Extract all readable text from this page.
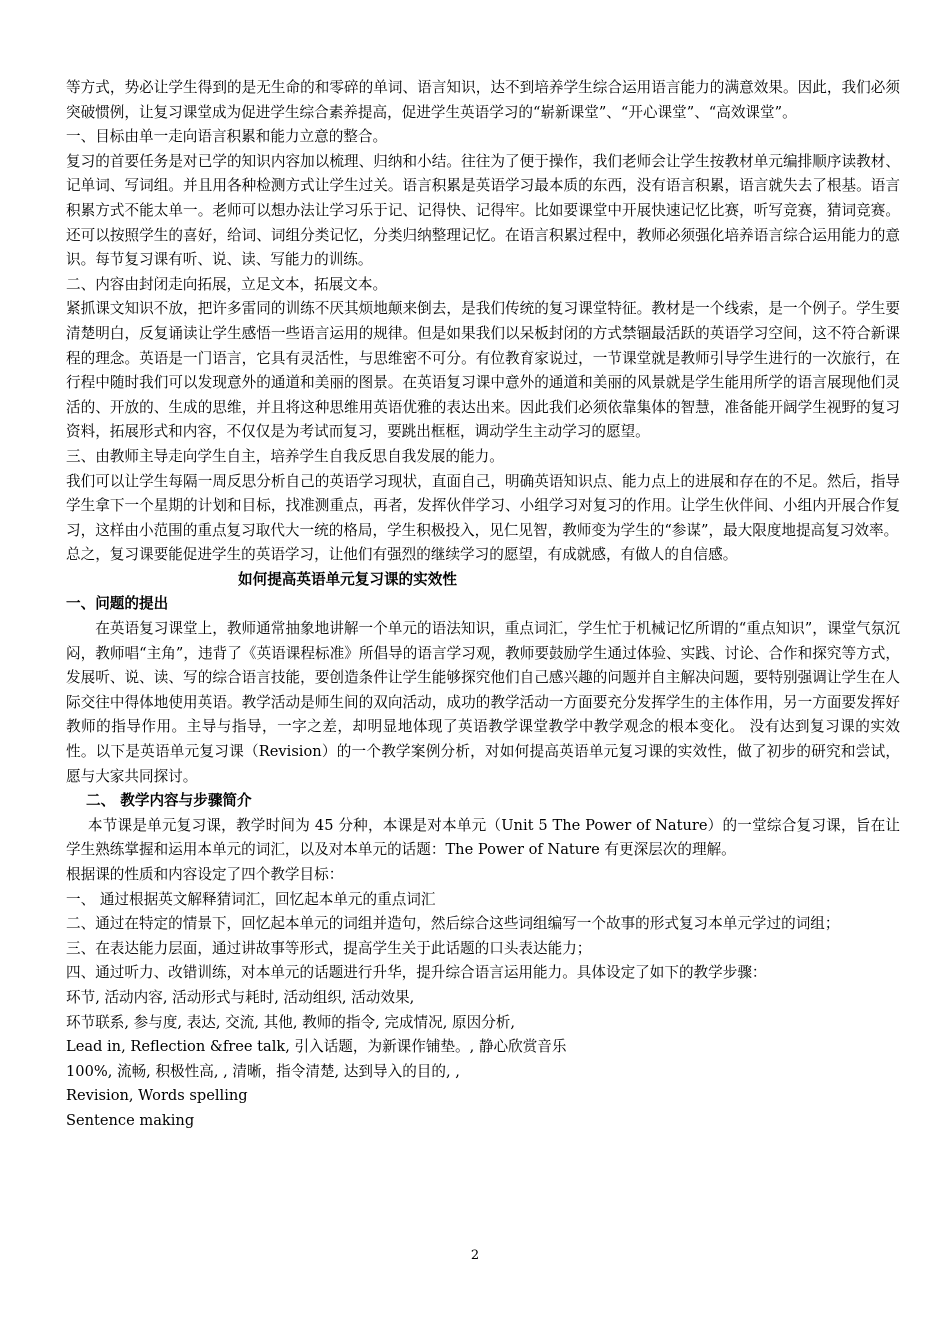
等方式，势必让学生得到的是无生命的和零碎的单词、语言知识，达不到培养学生综合运用语言能力的满意效果。因此，我们必须突破惯例，让复习课堂成为促进学生综合素养提高，促进学生英语学习的“崭新课堂”、“开心课堂”、“高效课堂”。

一、目标由单一走向语言积累和能力立意的整合。

复习的首要任务是对已学的知识内容加以梳理、归纳和小结。往往为了便于操作，我们老师会让学生按教材单元编排顺序读教材、记单词、写词组。并且用各种检测方式让学生过关。语言积累是英语学习最本质的东西，没有语言积累，语言就失去了根基。语言积累方式不能太单一。老师可以想办法让学习乐于记、记得快、记得牢。比如要课堂中开展快速记忆比赛，听写竞赛，猜词竞赛。还可以按照学生的喜好，给词、词组分类记忆，分类归纳整理记忆。在语言积累过程中，教师必须强化培养语言综合运用能力的意识。每节复习课有听、说、读、写能力的训练。

二、内容由封闭走向拓展，立足文本，拓展文本。

紧抓课文知识不放，把许多雷同的训练不厌其烦地颠来倒去，是我们传统的复习课堂特征。教材是一个线索，是一个例子。学生要清楚明白，反复诵读让学生感悟一些语言运用的规律。但是如果我们以呆板封闭的方式禁锢最活跃的英语学习空间，这不符合新课程的理念。英语是一门语言，它具有灵活性，与思维密不可分。有位教育家说过，一节课堂就是教师引导学生进行的一次旅行，在行程中随时我们可以发现意外的通道和美丽的图景。在英语复习课中意外的通道和美丽的风景就是学生能用所学的语言展现他们灵活的、开放的、生成的思维，并且将这种思维用英语优雅的表达出来。因此我们必须依靠集体的智慧，准备能开阔学生视野的复习资料，拓展形式和内容，不仅仅是为考试而复习，要跳出框框，调动学生主动学习的愿望。

三、由教师主导走向学生自主，培养学生自我反思自我发展的能力。

我们可以让学生每隔一周反思分析自己的英语学习现状，直面自己，明确英语知识点、能力点上的进展和存在的不足。然后，指导学生拿下一个星期的计划和目标，找准测重点，再者，发挥伙伴学习、小组学习对复习的作用。让学生伙伴间、小组内开展合作复习，这样由小范围的重点复习取代大一统的格局，学生积极投入，见仁见智，教师变为学生的“参谋”，最大限度地提高复习效率。

总之，复习课要能促进学生的英语学习，让他们有强烈的继续学习的愿望，有成就感，有做人的自信感。

如何提高英语单元复习课的实效性

一、问题的提出

在英语复习课堂上，教师通常抽象地讲解一个单元的语法知识，重点词汇，学生忙于机械记忆所谓的“重点知识”，课堂气氛沉闷，教师唱“主角”，违背了《英语课程标准》所倡导的语言学习观，教师要鼓励学生通过体验、实践、讨论、合作和探究等方式，发展听、说、读、写的综合语言技能，要创造条件让学生能够探究他们自己感兴趣的问题并自主解决问题，要特别强调让学生在人际交往中得体地使用英语。教学活动是师生间的双向活动，成功的教学活动一方面要充分发挥学生的主体作用，另一方面要发挥好教师的指导作用。主导与指导，一字之差，却明显地体现了英语教学课堂教学中教学观念的根本变化。 没有达到复习课的实效性。以下是英语单元复习课（Revision）的一个教学案例分析，对如何提高英语单元复习课的实效性，做了初步的研究和尝试，愿与大家共同探讨。

二、 教学内容与步骤简介

本节课是单元复习课，教学时间为 45 分种，本课是对本单元（Unit 5 The Power of Nature）的一堂综合复习课，旨在让学生熟练掌握和运用本单元的词汇，以及对本单元的话题：The Power of Nature 有更深层次的理解。

根据课的性质和内容设定了四个教学目标：

一、 通过根据英文解释猜词汇，回忆起本单元的重点词汇

二、通过在特定的情景下，回忆起本单元的词组并造句，然后综合这些词组编写一个故事的形式复习本单元学过的词组；

三、在表达能力层面，通过讲故事等形式，提高学生关于此话题的口头表达能力；

四、通过听力、改错训练，对本单元的话题进行升华，提升综合语言运用能力。具体设定了如下的教学步骤：

环节, 活动内容, 活动形式与耗时, 活动组织, 活动效果,

环节联系, 参与度, 表达, 交流, 其他, 教师的指令, 完成情况, 原因分析,

Lead in, Reflection &free talk, 引入话题，为新课作铺垫。, 静心欣赏音乐

100%, 流畅, 积极性高, , 清晰，指令清楚, 达到导入的目的, ,

Revision, Words spelling

Sentence making

2
